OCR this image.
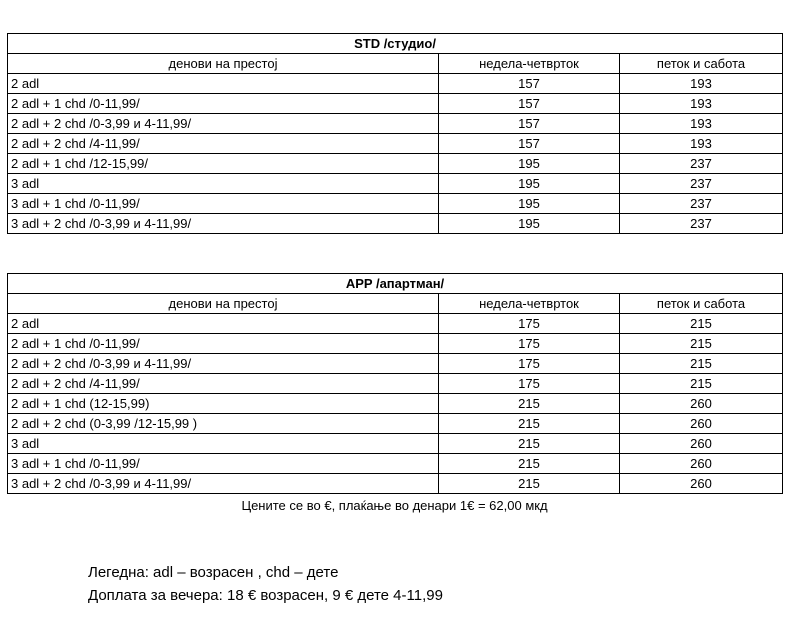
STD /студио/		
денови на престој	недела-четврток	петок и сабота
2 adl	157	193
2 adl + 1 chd /0-11,99/	157	193
2 adl + 2 chd /0-3,99 и 4-11,99/	157	193
2 adl + 2 chd /4-11,99/	157	193
2 adl + 1 chd /12-15,99/	195	237
3 adl	195	237
3 adl + 1 chd /0-11,99/	195	237
3 adl + 2 chd /0-3,99 и 4-11,99/	195	237
APP /апартман/		
денови на престој	недела-четврток	петок и сабота
2 adl	175	215
2 adl + 1 chd /0-11,99/	175	215
2 adl + 2 chd /0-3,99 и 4-11,99/	175	215
2 adl + 2 chd /4-11,99/	175	215
2 adl + 1 chd (12-15,99)	215	260
2 adl + 2 chd (0-3,99 /12-15,99 )	215	260
3 adl	215	260
3 adl + 1 chd /0-11,99/	215	260
3 adl + 2 chd /0-3,99 и 4-11,99/	215	260
Цените се во €, плаќање во денари 1€ = 62,00 мкд
Легедна: adl – возрасен , chd – дете
Доплата за вечера: 18 € возрасен, 9 € дете 4-11,99
